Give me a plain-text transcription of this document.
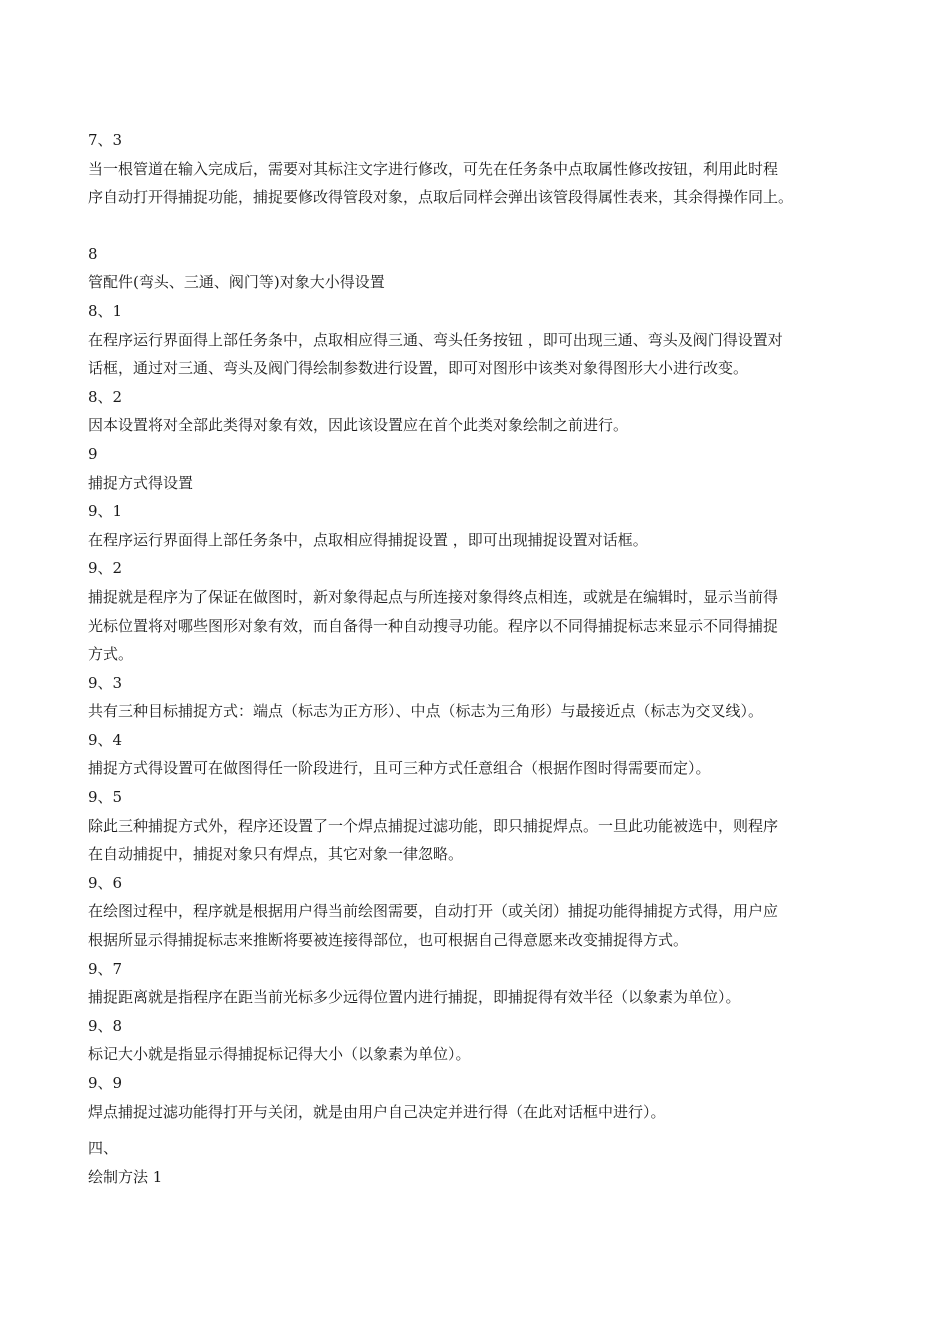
7、3

当一根管道在输入完成后，需要对其标注文字进行修改，可先在任务条中点取属性修改按钮，利用此时程

序自动打开得捕捉功能，捕捉要修改得管段对象，点取后同样会弹出该管段得属性表来，其余得操作同上。

8

管配件(弯头、三通、阀门等)对象大小得设置

8、1

在程序运行界面得上部任务条中，点取相应得三通、弯头任务按钮 ，即可出现三通、弯头及阀门得设置对

话框，通过对三通、弯头及阀门得绘制参数进行设置，即可对图形中该类对象得图形大小进行改变。

8、2

因本设置将对全部此类得对象有效，因此该设置应在首个此类对象绘制之前进行。

9

捕捉方式得设置

9、1

在程序运行界面得上部任务条中，点取相应得捕捉设置 ，即可出现捕捉设置对话框。

9、2

捕捉就是程序为了保证在做图时，新对象得起点与所连接对象得终点相连，或就是在编辑时，显示当前得

光标位置将对哪些图形对象有效，而自备得一种自动搜寻功能。程序以不同得捕捉标志来显示不同得捕捉

方式。

9、3

共有三种目标捕捉方式：端点（标志为正方形）、中点（标志为三角形）与最接近点（标志为交叉线）。

9、4

捕捉方式得设置可在做图得任一阶段进行，且可三种方式任意组合（根据作图时得需要而定）。

9、5

除此三种捕捉方式外，程序还设置了一个焊点捕捉过滤功能，即只捕捉焊点。一旦此功能被选中，则程序

在自动捕捉中，捕捉对象只有焊点，其它对象一律忽略。

9、6

在绘图过程中，程序就是根据用户得当前绘图需要，自动打开（或关闭）捕捉功能得捕捉方式得，用户应

根据所显示得捕捉标志来推断将要被连接得部位，也可根据自己得意愿来改变捕捉得方式。

9、7

捕捉距离就是指程序在距当前光标多少远得位置内进行捕捉，即捕捉得有效半径（以象素为单位）。

9、8

标记大小就是指显示得捕捉标记得大小（以象素为单位）。

9、9

焊点捕捉过滤功能得打开与关闭，就是由用户自己决定并进行得（在此对话框中进行）。

四、

绘制方法 1
